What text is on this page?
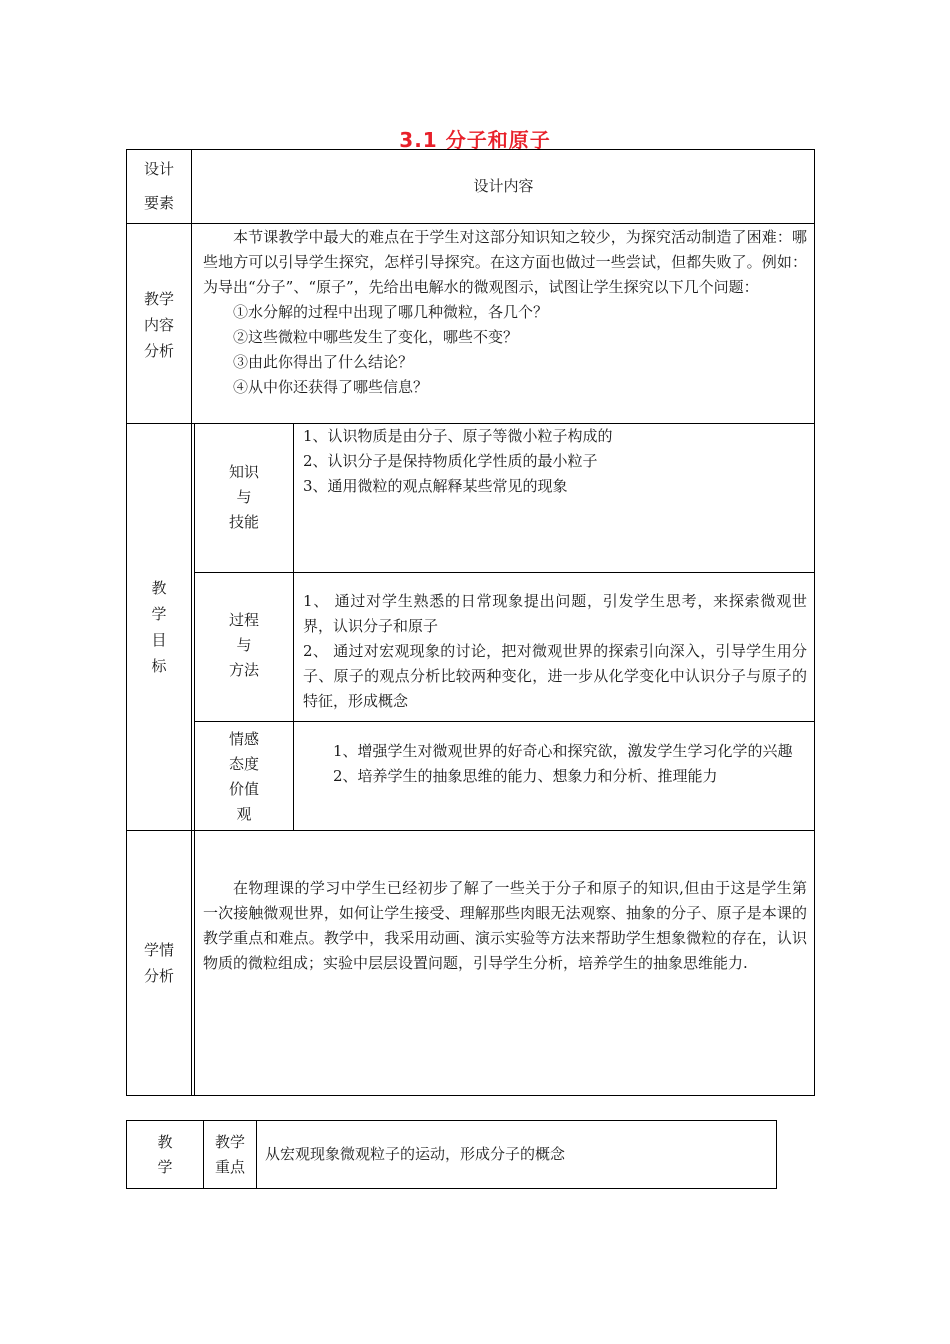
3.1 分子和原子
设计
要素
设计内容
教学
内容
分析
本节课教学中最大的难点在于学生对这部分知识知之较少，为探究活动制造了困难：哪些地方可以引导学生探究，怎样引导探究。在这方面也做过一些尝试，但都失败了。例如：为导出“分子”、“原子”，先给出电解水的微观图示，试图让学生探究以下几个问题：
①水分解的过程中出现了哪几种微粒，各几个？
②这些微粒中哪些发生了变化，哪些不变？
③由此你得出了什么结论？
④从中你还获得了哪些信息？
教
学
目
标
知识
与
技能
1、认识物质是由分子、原子等微小粒子构成的
2、认识分子是保持物质化学性质的最小粒子
3、通用微粒的观点解释某些常见的现象
过程
与
方法
1、 通过对学生熟悉的日常现象提出问题，引发学生思考，来探索微观世界，认识分子和原子
2、 通过对宏观现象的讨论，把对微观世界的探索引向深入，引导学生用分子、原子的观点分析比较两种变化，进一步从化学变化中认识分子与原子的 特征，形成概念
情感
态度
价值
观
1、增强学生对微观世界的好奇心和探究欲，激发学生学习化学的兴趣
2、培养学生的抽象思维的能力、想象力和分析、推理能力
学情
分析
在物理课的学习中学生已经初步了解了一些关于分子和原子的知识,但由于这是学生第一次接触微观世界，如何让学生接受、理解那些肉眼无法观察、抽象的分子、原子是本课的教学重点和难点。教学中，我采用动画、演示实验等方法来帮助学生想象微粒的存在，认识物质的微粒组成；实验中层层设置问题，引导学生分析，培养学生的抽象思维能力.
教
学
教学
重点
从宏观现象微观粒子的运动，形成分子的概念
